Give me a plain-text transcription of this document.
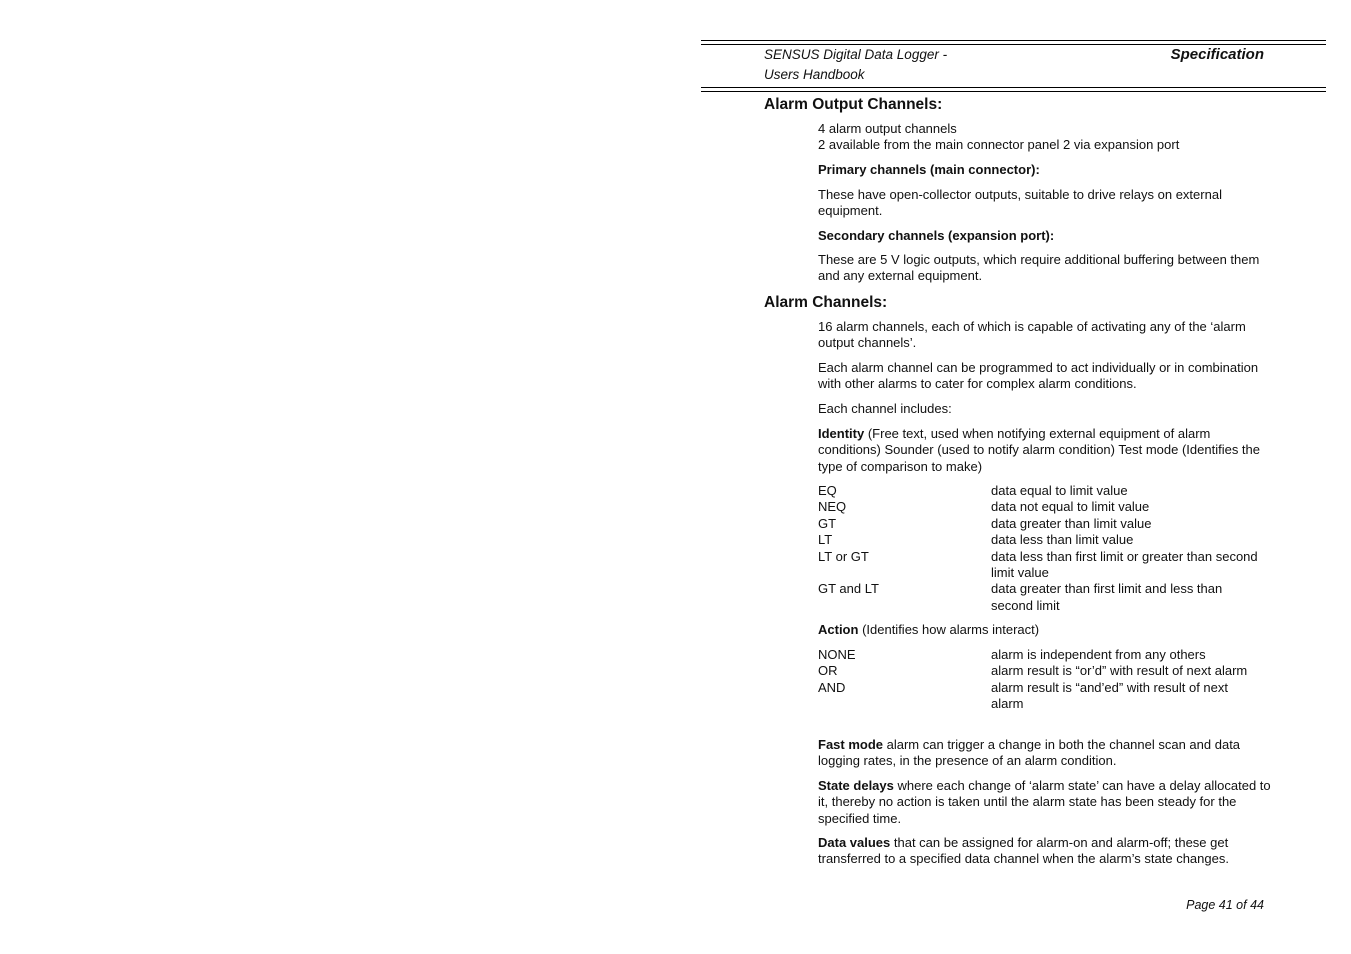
SENSUS Digital Data Logger -
Users Handbook
Specification
Alarm Output Channels:

4 alarm output channels

2 available from the main connector panel 2 via expansion port

Primary channels (main connector):
These have open-collector outputs, suitable to drive relays on external equipment.
Secondary channels (expansion port):
These are 5 V logic outputs, which require additional buffering between them and any external equipment.
Alarm Channels:
16 alarm channels, each of which is capable of activating any of the ‘alarm output channels’.
Each alarm channel can be programmed to act individually or in combination with other alarms to cater for complex alarm conditions.
Each channel includes:
Identity (Free text, used when notifying external equipment of alarm conditions) Sounder (used to notify alarm condition) Test mode (Identifies the type of comparison to make)
EQ	data equal to limit value
NEQ	data not equal to limit value
GT	data greater than limit value
LT	data less than limit value
LT or GT	data less than first limit or greater than second limit value
GT and LT	data greater than first limit and less than second limit
Action (Identifies how alarms interact)
NONE	alarm is independent from any others
OR	alarm result is “or’d” with result of next alarm
AND	alarm result is “and’ed” with result of next alarm
Fast mode alarm can trigger a change in both the channel scan and data logging rates, in the presence of an alarm condition.
State delays where each change of ‘alarm state’ can have a delay allocated to it, thereby no action is taken until the alarm state has been steady for the specified time.
Data values that can be assigned for alarm-on and alarm-off; these get transferred to a specified data channel when the alarm’s state changes.
Page 41 of 44
